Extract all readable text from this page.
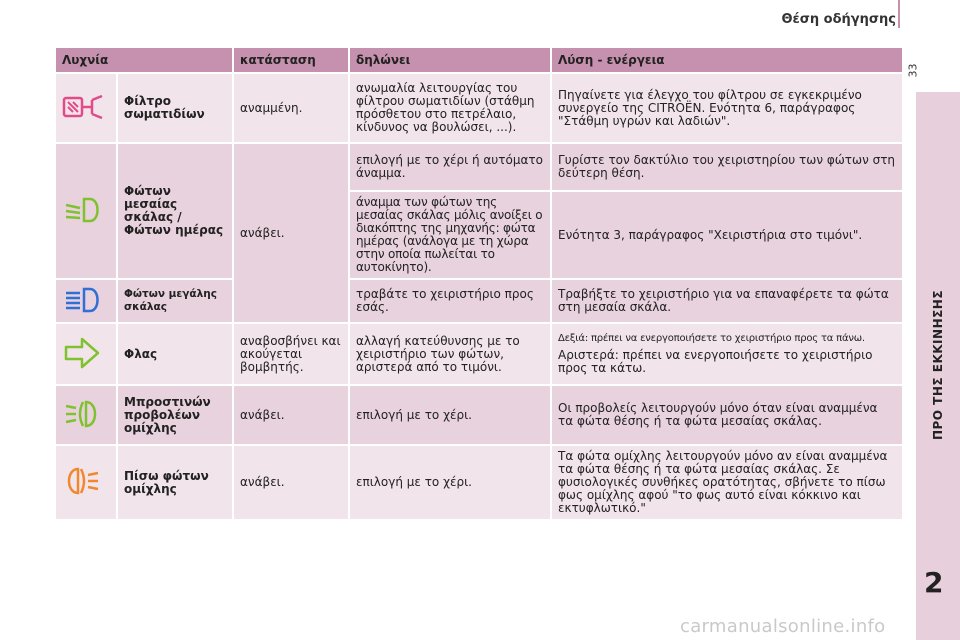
Θέση οδήγησης
33
ΠΡΟ ΤΗΣ ΕΚΚΙΝΗΣΗΣ
2
Λυχνία		κατάσταση	δηλώνει	Λύση - ενέργεια
	Φίλτρο σωματιδίων	αναμμένη.	ανωμαλία λειτουργίας του φίλτρου σωματιδίων (στάθμη πρόσθετου στο πετρέλαιο, κίνδυνος να βουλώσει, ...).	Πηγαίνετε για έλεγχο του φίλτρου σε εγκεκριμένο συνεργείο της CITROËN. Ενότητα 6, παράγραφος "Στάθμη υγρών και λαδιών".
	Φώτων μεσαίας σκάλας / Φώτων ημέρας	ανάβει.	επιλογή με το χέρι ή αυτόματο άναμμα.	Γυρίστε τον δακτύλιο του χειριστηρίου των φώτων στη δεύτερη θέση.
			άναμμα των φώτων της μεσαίας σκάλας μόλις ανοίξει ο διακόπτης της μηχανής: φώτα ημέρας (ανάλογα με τη χώρα στην οποία πωλείται το αυτοκίνητο).	Ενότητα 3, παράγραφος "Χειριστήρια στο τιμόνι".
	Φώτων μεγάλης σκάλας		τραβάτε το χειριστήριο προς εσάς.	Τραβήξτε το χειριστήριο για να επαναφέρετε τα φώτα στη μεσαία σκάλα.
	Φλας	αναβοσβήνει και ακούγεται βομβητής.	αλλαγή κατεύθυνσης με το χειριστήριο των φώτων, αριστερά από το τιμόνι.	Δεξιά: πρέπει να ενεργοποιήσετε το χειριστήριο προς τα πάνω.
Αριστερά: πρέπει να ενεργοποιήσετε το χειριστήριο προς τα κάτω.
	Μπροστινών προβολέων ομίχλης	ανάβει.	επιλογή με το χέρι.	Οι προβολείς λειτουργούν μόνο όταν είναι αναμμένα τα φώτα θέσης ή τα φώτα μεσαίας σκάλας.
	Πίσω φώτων ομίχλης	ανάβει.	επιλογή με το χέρι.	Τα φώτα ομίχλης λειτουργούν μόνο αν είναι αναμμένα τα φώτα θέσης ή τα φώτα μεσαίας σκάλας. Σε φυσιολογικές συνθήκες ορατότητας, σβήνετε το πίσω φως ομίχλης αφού "το φως αυτό είναι κόκκινο και εκτυφλωτικό."
carmanualsonline.info
